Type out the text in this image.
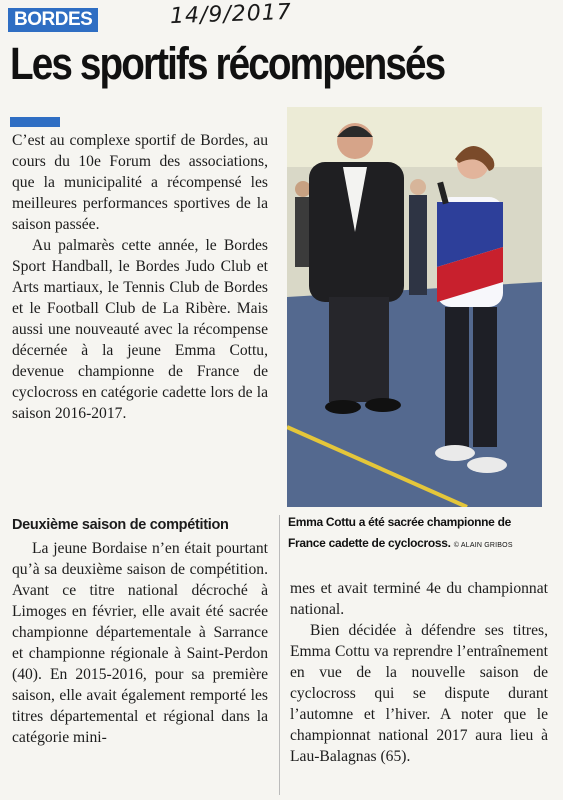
BORDES	14/9/2017
Les sportifs récompensés

C’est au complexe sportif de Bordes, au cours du 10e Forum des associations, que la municipalité a récompensé les meilleures performances sportives de la saison passée.

Au palmarès cette année, le Bordes Sport Handball, le Bordes Judo Club et Arts martiaux, le Tennis Club de Bordes et le Football Club de La Ribère. Mais aussi une nouveauté avec la récompense décernée à la jeune Emma Cottu, devenue championne de France de cyclocross en catégorie cadette lors de la saison 2016-2017.

Deuxième saison de compétition

La jeune Bordaise n’en était pourtant qu’à sa deuxième saison de compétition. Avant ce titre national décroché à Limoges en février, elle avait été sacrée championne départementale à Sarrance et championne régionale à Saint-Perdon (40). En 2015-2016, pour sa première saison, elle avait également remporté les titres départemental et régional dans la catégorie mini-

mes et avait terminé 4e du championnat national.

Bien décidée à défendre ses titres, Emma Cottu va reprendre l’entraînement en vue de la nouvelle saison de cyclocross qui se dispute durant l’automne et l’hiver. A noter que le championnat national 2017 aura lieu à Lau-Balagnas (65).

Emma Cottu a été sacrée championne de France cadette de cyclocross. © ALAIN GRIBOS
